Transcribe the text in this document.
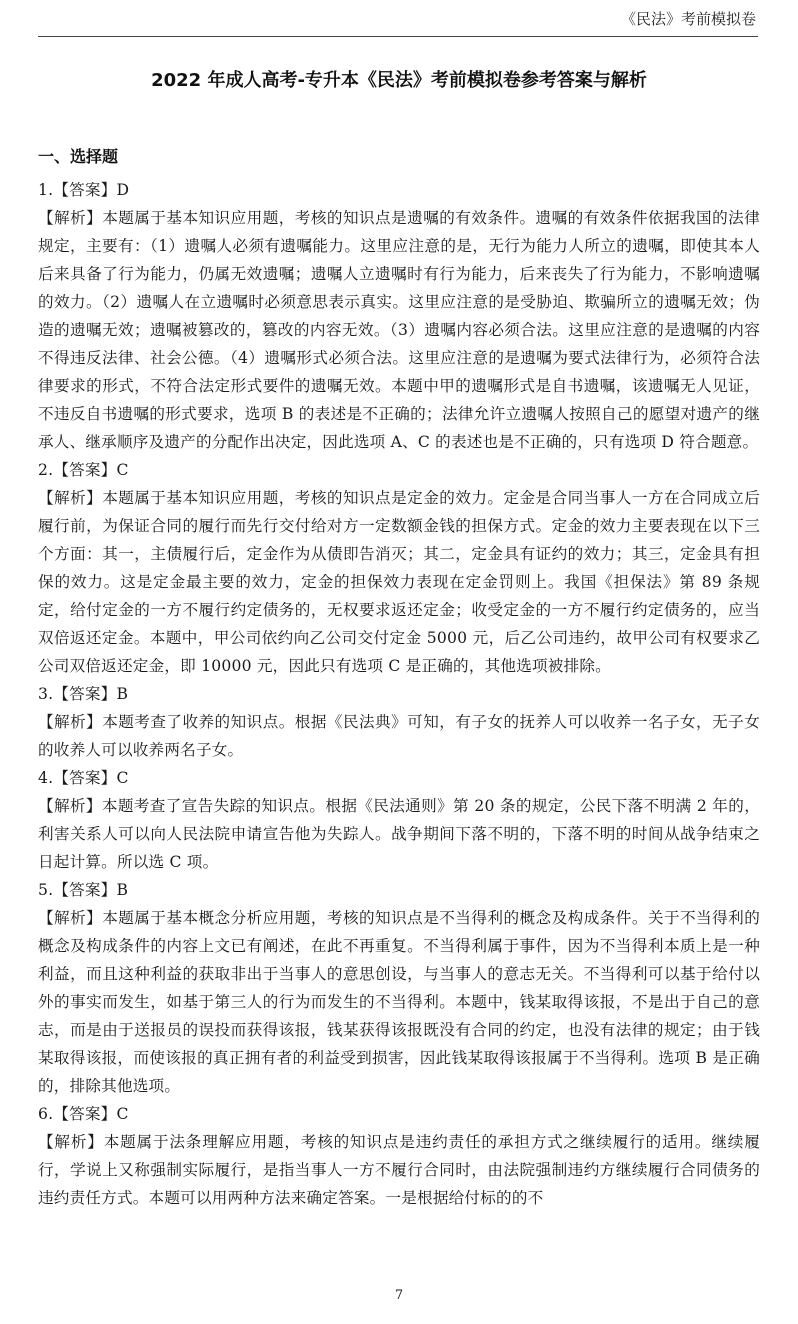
《民法》考前模拟卷
2022 年成人高考-专升本《民法》考前模拟卷参考答案与解析
一、选择题

1.【答案】D

【解析】本题属于基本知识应用题，考核的知识点是遗嘱的有效条件。遗嘱的有效条件依据我国的法律规定，主要有：（1）遗嘱人必须有遗嘱能力。这里应注意的是，无行为能力人所立的遗嘱，即使其本人后来具备了行为能力，仍属无效遗嘱；遗嘱人立遗嘱时有行为能力，后来丧失了行为能力，不影响遗嘱的效力。（2）遗嘱人在立遗嘱时必须意思表示真实。这里应注意的是受胁迫、欺骗所立的遗嘱无效；伪造的遗嘱无效；遗嘱被篡改的，篡改的内容无效。（3）遗嘱内容必须合法。这里应注意的是遗嘱的内容不得违反法律、社会公德。（4）遗嘱形式必须合法。这里应注意的是遗嘱为要式法律行为，必须符合法律要求的形式，不符合法定形式要件的遗嘱无效。本题中甲的遗嘱形式是自书遗嘱，该遗嘱无人见证，不违反自书遗嘱的形式要求，选项 B 的表述是不正确的；法律允许立遗嘱人按照自己的愿望对遗产的继承人、继承顺序及遗产的分配作出决定，因此选项 A、C 的表述也是不正确的，只有选项 D 符合题意。

2.【答案】C

【解析】本题属于基本知识应用题，考核的知识点是定金的效力。定金是合同当事人一方在合同成立后履行前，为保证合同的履行而先行交付给对方一定数额金钱的担保方式。定金的效力主要表现在以下三个方面：其一，主债履行后，定金作为从债即告消灭；其二，定金具有证约的效力；其三，定金具有担保的效力。这是定金最主要的效力，定金的担保效力表现在定金罚则上。我国《担保法》第 89 条规定，给付定金的一方不履行约定债务的，无权要求返还定金；收受定金的一方不履行约定债务的，应当双倍返还定金。本题中，甲公司依约向乙公司交付定金 5000 元，后乙公司违约，故甲公司有权要求乙公司双倍返还定金，即 10000 元，因此只有选项 C 是正确的，其他选项被排除。

3.【答案】B

【解析】本题考查了收养的知识点。根据《民法典》可知，有子女的抚养人可以收养一名子女，无子女的收养人可以收养两名子女。

4.【答案】C

【解析】本题考查了宣告失踪的知识点。根据《民法通则》第 20 条的规定，公民下落不明满 2 年的，利害关系人可以向人民法院申请宣告他为失踪人。战争期间下落不明的，下落不明的时间从战争结束之日起计算。所以选 C 项。

5.【答案】B

【解析】本题属于基本概念分析应用题，考核的知识点是不当得利的概念及构成条件。关于不当得利的概念及构成条件的内容上文已有阐述，在此不再重复。不当得利属于事件，因为不当得利本质上是一种利益，而且这种利益的获取非出于当事人的意思创设，与当事人的意志无关。不当得利可以基于给付以外的事实而发生，如基于第三人的行为而发生的不当得利。本题中，钱某取得该报，不是出于自己的意志，而是由于送报员的误投而获得该报，钱某获得该报既没有合同的约定，也没有法律的规定；由于钱某取得该报，而使该报的真正拥有者的利益受到损害，因此钱某取得该报属于不当得利。选项 B 是正确的，排除其他选项。

6.【答案】C

【解析】本题属于法条理解应用题，考核的知识点是违约责任的承担方式之继续履行的适用。继续履行，学说上又称强制实际履行，是指当事人一方不履行合同时，由法院强制违约方继续履行合同债务的违约责任方式。本题可以用两种方法来确定答案。一是根据给付标的的不

7
